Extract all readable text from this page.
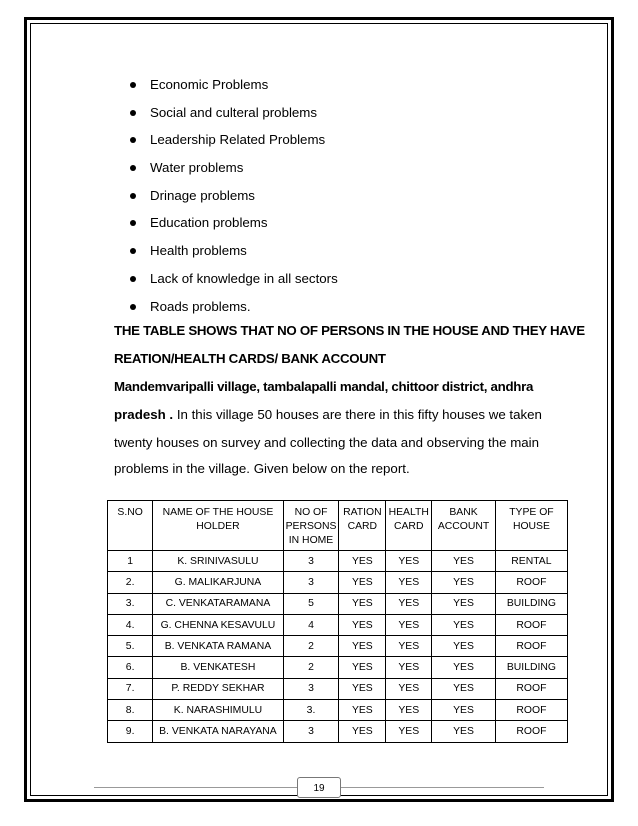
Economic Problems
Social and culteral problems
Leadership Related Problems
Water problems
Drinage problems
Education problems
Health problems
Lack of knowledge in all sectors
Roads problems.
THE TABLE SHOWS THAT NO OF PERSONS IN THE HOUSE AND THEY HAVE
REATION/HEALTH CARDS/ BANK ACCOUNT
Mandemvaripalli village, tambalapalli mandal, chittoor district, andhra
pradesh . In this village 50 houses are there in this fifty houses we taken
twenty houses on survey and collecting the data and observing the main
problems in the village. Given below on the report.
S.NO	NAME OF THE HOUSE HOLDER	NO OF PERSONS IN HOME	RATION CARD	HEALTH CARD	BANK ACCOUNT	TYPE OF HOUSE
1	K. SRINIVASULU	3	YES	YES	YES	RENTAL
2.	G. MALIKARJUNA	3	YES	YES	YES	ROOF
3.	C. VENKATARAMANA	5	YES	YES	YES	BUILDING
4.	G. CHENNA KESAVULU	4	YES	YES	YES	ROOF
5.	B. VENKATA RAMANA	2	YES	YES	YES	ROOF
6.	B. VENKATESH	2	YES	YES	YES	BUILDING
7.	P. REDDY SEKHAR	3	YES	YES	YES	ROOF
8.	K. NARASHIMULU	3.	YES	YES	YES	ROOF
9.	B. VENKATA NARAYANA	3	YES	YES	YES	ROOF
19
